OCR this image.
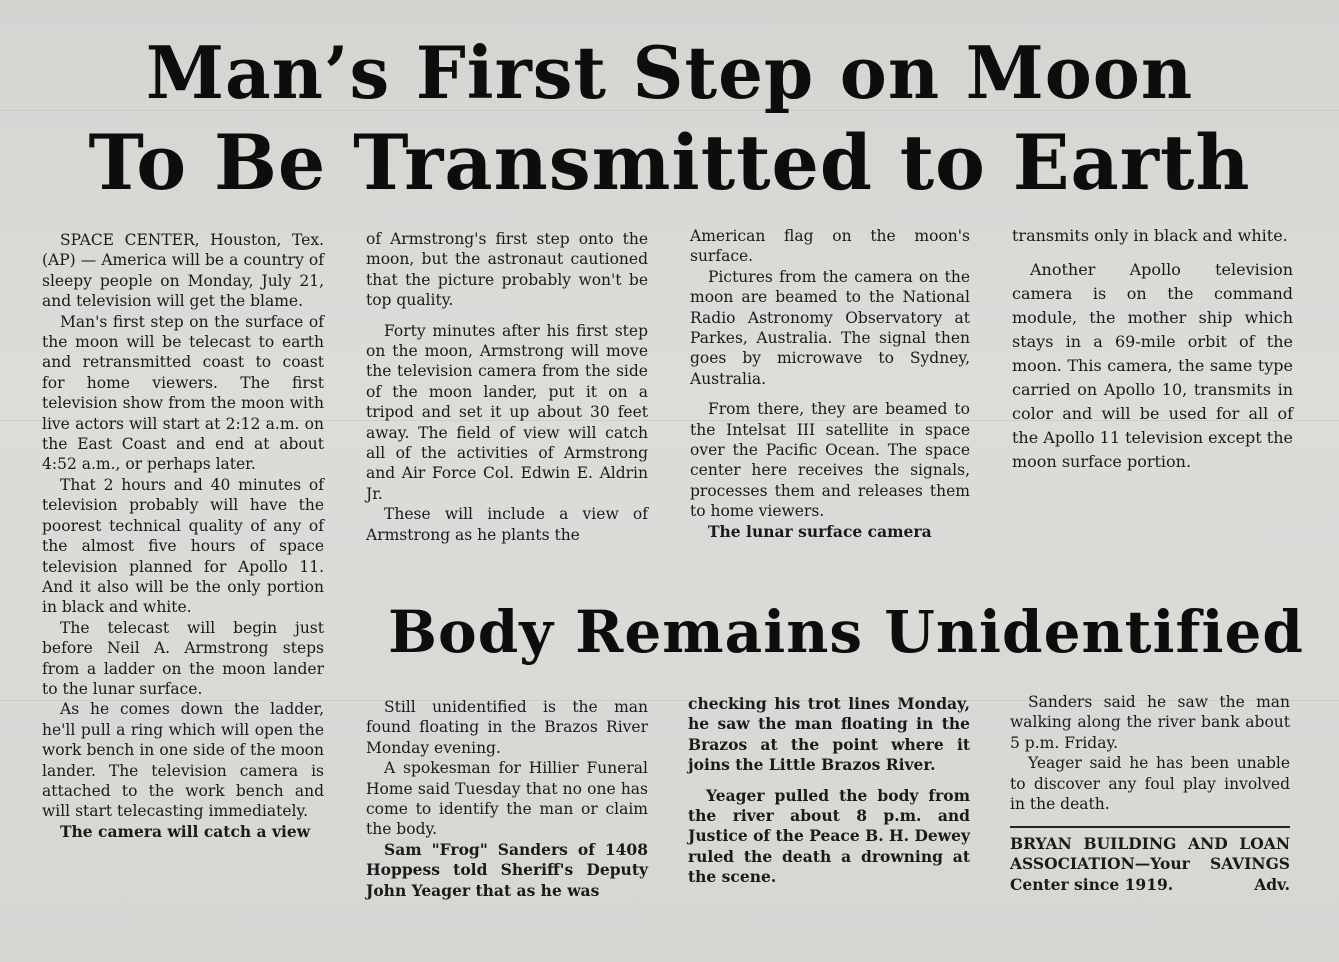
Man’s First Step on Moon
To Be Transmitted to Earth

SPACE CENTER, Houston, Tex. (AP) — America will be a country of sleepy people on Monday, July 21, and television will get the blame.

Man's first step on the surface of the moon will be telecast to earth and retransmitted coast to coast for home viewers. The first television show from the moon with live actors will start at 2:12 a.m. on the East Coast and end at about 4:52 a.m., or perhaps later.

That 2 hours and 40 minutes of television probably will have the poorest technical quality of any of the almost five hours of space television planned for Apollo 11. And it also will be the only portion in black and white.

The telecast will begin just before Neil A. Armstrong steps from a ladder on the moon lander to the lunar surface.

As he comes down the ladder, he'll pull a ring which will open the work bench in one side of the moon lander. The television camera is attached to the work bench and will start telecasting immediately.

The camera will catch a view

of Armstrong's first step onto the moon, but the astronaut cautioned that the picture probably won't be top quality.

Forty minutes after his first step on the moon, Armstrong will move the television camera from the side of the moon lander, put it on a tripod and set it up about 30 feet away. The field of view will catch all of the activities of Armstrong and Air Force Col. Edwin E. Aldrin Jr.

These will include a view of Armstrong as he plants the

American flag on the moon's surface.

Pictures from the camera on the moon are beamed to the National Radio Astronomy Observatory at Parkes, Australia. The signal then goes by microwave to Sydney, Australia.

From there, they are beamed to the Intelsat III satellite in space over the Pacific Ocean. The space center here receives the signals, processes them and releases them to home viewers.

The lunar surface camera

transmits only in black and white.

Another Apollo television camera is on the command module, the mother ship which stays in a 69-mile orbit of the moon. This camera, the same type carried on Apollo 10, transmits in color and will be used for all of the Apollo 11 television except the moon surface portion.

Body Remains Unidentified

Still unidentified is the man found floating in the Brazos River Monday evening.

A spokesman for Hillier Funeral Home said Tuesday that no one has come to identify the man or claim the body.

Sam "Frog" Sanders of 1408 Hoppess told Sheriff's Deputy John Yeager that as he was

checking his trot lines Monday, he saw the man floating in the Brazos at the point where it joins the Little Brazos River.

Yeager pulled the body from the river about 8 p.m. and Justice of the Peace B. H. Dewey ruled the death a drowning at the scene.

Sanders said he saw the man walking along the river bank about 5 p.m. Friday.

Yeager said he has been unable to discover any foul play involved in the death.

BRYAN BUILDING AND LOAN ASSOCIATION—Your SAVINGS Center since 1919.	Adv.
